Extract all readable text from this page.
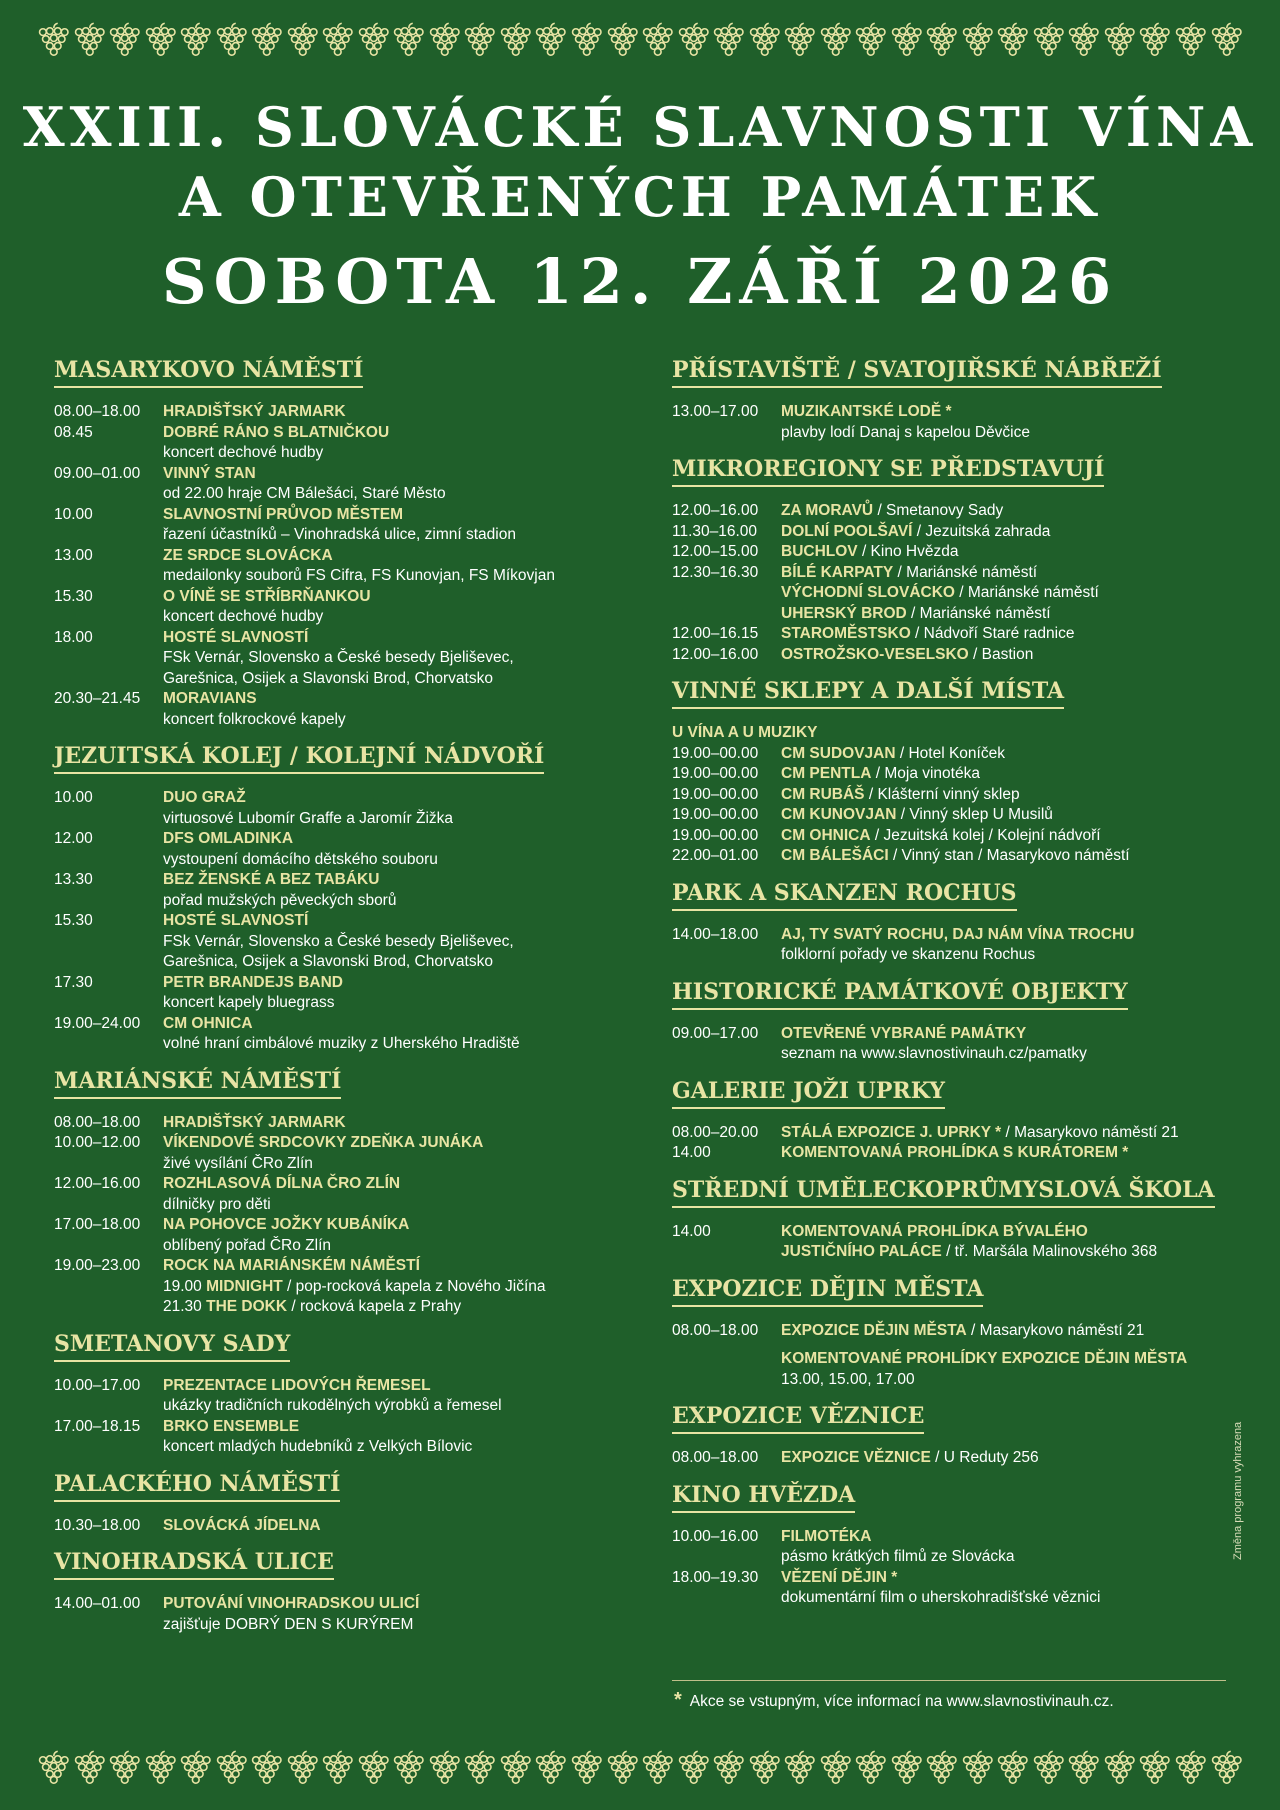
XXIII. SLOVÁCKÉ SLAVNOSTI VÍNA
A OTEVŘENÝCH PAMÁTEK
SOBOTA 12. ZÁŘÍ 2026
MASARYKOVO NÁMĚSTÍ
08.00–18.00	HRADIŠŤSKÝ JARMARK
08.45	DOBRÉ RÁNO S BLATNIČKOU
koncert dechové hudby
09.00–01.00	VINNÝ STAN
od 22.00 hraje CM Bálešáci, Staré Město
10.00	SLAVNOSTNÍ PRŮVOD MĚSTEM
řazení účastníků – Vinohradská ulice, zimní stadion
13.00	ZE SRDCE SLOVÁCKA
medailonky souborů FS Cifra, FS Kunovjan, FS Míkovjan
15.30	O VÍNĚ SE STŘÍBRŇANKOU
koncert dechové hudby
18.00	HOSTÉ SLAVNOSTÍ
FSk Vernár, Slovensko a České besedy Bjeliševec,
Garešnica, Osijek a Slavonski Brod, Chorvatsko
20.30–21.45	MORAVIANS
koncert folkrockové kapely
JEZUITSKÁ KOLEJ / KOLEJNÍ NÁDVOŘÍ
10.00	DUO GRAŽ
virtuosové Lubomír Graffe a Jaromír Žižka
12.00	DFS OMLADINKA
vystoupení domácího dětského souboru
13.30	BEZ ŽENSKÉ A BEZ TABÁKU
pořad mužských pěveckých sborů
15.30	HOSTÉ SLAVNOSTÍ
FSk Vernár, Slovensko a České besedy Bjeliševec,
Garešnica, Osijek a Slavonski Brod, Chorvatsko
17.30	PETR BRANDEJS BAND
koncert kapely bluegrass
19.00–24.00	CM OHNICA
volné hraní cimbálové muziky z Uherského Hradiště
MARIÁNSKÉ NÁMĚSTÍ
08.00–18.00	HRADIŠŤSKÝ JARMARK
10.00–12.00	VÍKENDOVÉ SRDCOVKY ZDEŇKA JUNÁKA
živé vysílání ČRo Zlín
12.00–16.00	ROZHLASOVÁ DÍLNA ČRO ZLÍN
dílničky pro děti
17.00–18.00	NA POHOVCE JOŽKY KUBÁNÍKA
oblíbený pořad ČRo Zlín
19.00–23.00	ROCK NA MARIÁNSKÉM NÁMĚSTÍ
19.00 MIDNIGHT / pop-rocková kapela z Nového Jičína
21.30 THE DOKK / rocková kapela z Prahy
SMETANOVY SADY
10.00–17.00	PREZENTACE LIDOVÝCH ŘEMESEL
ukázky tradičních rukodělných výrobků a řemesel
17.00–18.15	BRKO ENSEMBLE
koncert mladých hudebníků z Velkých Bílovic
PALACKÉHO NÁMĚSTÍ
10.30–18.00	SLOVÁCKÁ JÍDELNA
VINOHRADSKÁ ULICE
14.00–01.00	PUTOVÁNÍ VINOHRADSKOU ULICÍ
zajišťuje DOBRÝ DEN S KURÝREM
PŘÍSTAVIŠTĚ / SVATOJIŘSKÉ NÁBŘEŽÍ
13.00–17.00	MUZIKANTSKÉ LODĚ *
plavby lodí Danaj s kapelou Děvčice
MIKROREGIONY SE PŘEDSTAVUJÍ
12.00–16.00	ZA MORAVŮ / Smetanovy Sady
11.30–16.00	DOLNÍ POOLŠAVÍ / Jezuitská zahrada
12.00–15.00	BUCHLOV / Kino Hvězda
12.30–16.30	BÍLÉ KARPATY / Mariánské náměstí
VÝCHODNÍ SLOVÁCKO / Mariánské náměstí
UHERSKÝ BROD / Mariánské náměstí
12.00–16.15	STAROMĚSTSKO / Nádvoří Staré radnice
12.00–16.00	OSTROŽSKO-VESELSKO / Bastion
VINNÉ SKLEPY A DALŠÍ MÍSTA
U VÍNA A U MUZIKY
19.00–00.00	CM SUDOVJAN / Hotel Koníček
19.00–00.00	CM PENTLA / Moja vinotéka
19.00–00.00	CM RUBÁŠ / Klášterní vinný sklep
19.00–00.00	CM KUNOVJAN / Vinný sklep U Musilů
19.00–00.00	CM OHNICA / Jezuitská kolej / Kolejní nádvoří
22.00–01.00	CM BÁLEŠÁCI / Vinný stan / Masarykovo náměstí
PARK A SKANZEN ROCHUS
14.00–18.00	AJ, TY SVATÝ ROCHU, DAJ NÁM VÍNA TROCHU
folklorní pořady ve skanzenu Rochus
HISTORICKÉ PAMÁTKOVÉ OBJEKTY
09.00–17.00	OTEVŘENÉ VYBRANÉ PAMÁTKY
seznam na www.slavnostivinauh.cz/pamatky
GALERIE JOŽI UPRKY
08.00–20.00	STÁLÁ EXPOZICE J. UPRKY * / Masarykovo náměstí 21
14.00	KOMENTOVANÁ PROHLÍDKA S KURÁTOREM *
STŘEDNÍ UMĚLECKOPRŮMYSLOVÁ ŠKOLA
14.00	KOMENTOVANÁ PROHLÍDKA BÝVALÉHO
JUSTIČNÍHO PALÁCE / tř. Maršála Malinovského 368
EXPOZICE DĚJIN MĚSTA
08.00–18.00	EXPOZICE DĚJIN MĚSTA / Masarykovo náměstí 21
KOMENTOVANÉ PROHLÍDKY EXPOZICE DĚJIN MĚSTA
13.00, 15.00, 17.00
EXPOZICE VĚZNICE
08.00–18.00	EXPOZICE VĚZNICE / U Reduty 256
KINO HVĚZDA
10.00–16.00	FILMOTÉKA
pásmo krátkých filmů ze Slovácka
18.00–19.30	VĚZENÍ DĚJIN *
dokumentární film o uherskohradišťské věznici
* Akce se vstupným, více informací na www.slavnostivinauh.cz.
Změna programu vyhrazena
